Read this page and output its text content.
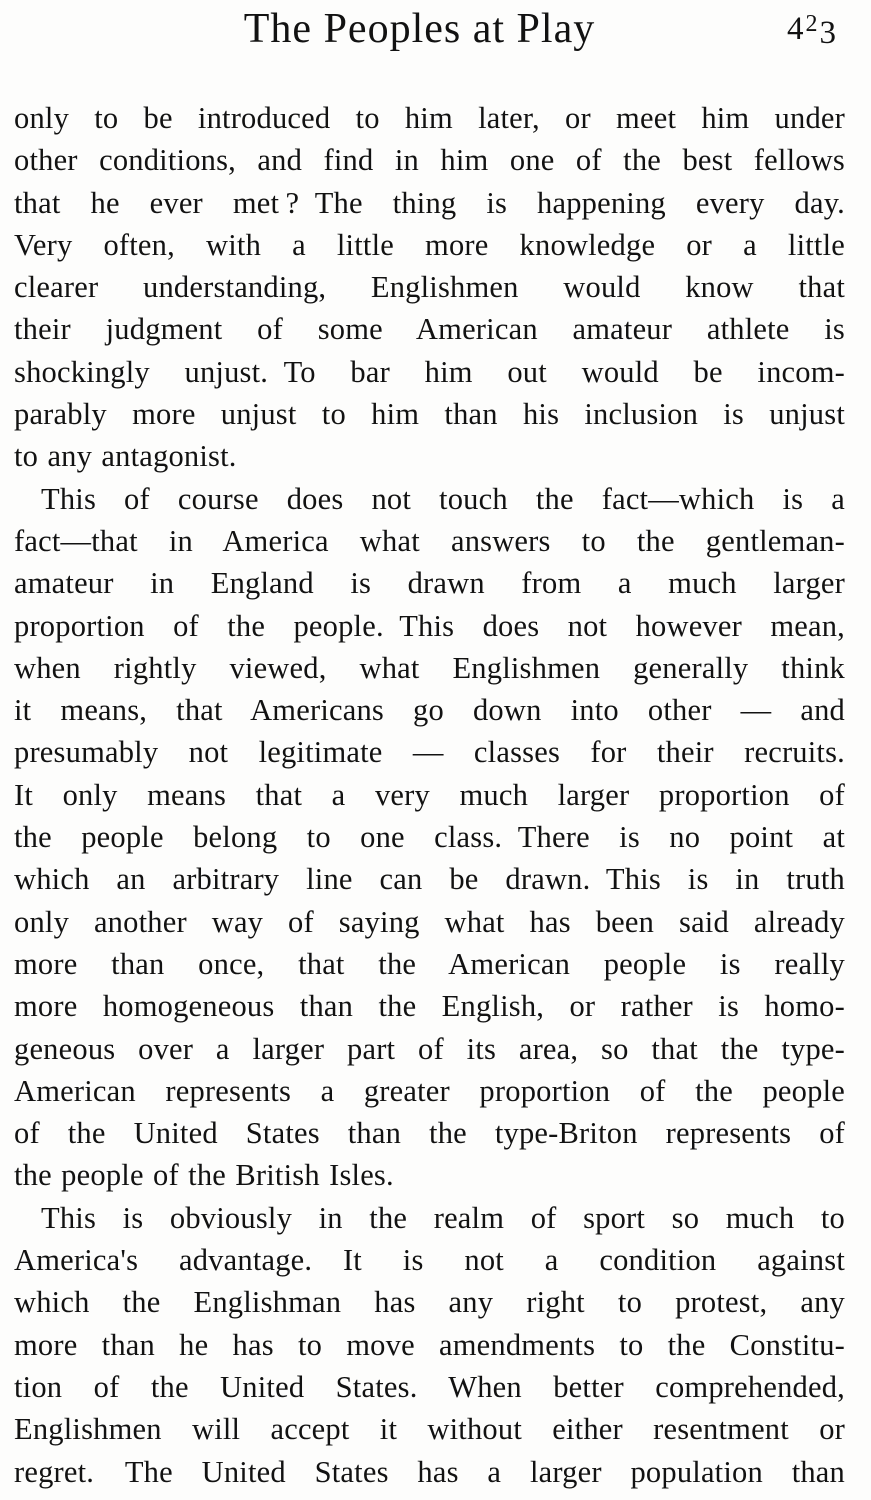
The Peoples at Play	$4^23$
only to be introduced to him later, or meet him under
other conditions, and find in him one of the best fellows
that he ever met ? The thing is happening every day.
Very often, with a little more knowledge or a little
clearer understanding, Englishmen would know that
their judgment of some American amateur athlete is
shockingly unjust. To bar him out would be incom-
parably more unjust to him than his inclusion is unjust
to any antagonist.
This of course does not touch the fact—which is a
fact—that in America what answers to the gentleman-
amateur in England is drawn from a much larger
proportion of the people. This does not however mean,
when rightly viewed, what Englishmen generally think
it means, that Americans go down into other — and
presumably not legitimate — classes for their recruits.
It only means that a very much larger proportion of
the people belong to one class. There is no point at
which an arbitrary line can be drawn. This is in truth
only another way of saying what has been said already
more than once, that the American people is really
more homogeneous than the English, or rather is homo-
geneous over a larger part of its area, so that the type-
American represents a greater proportion of the people
of the United States than the type-Briton represents of
the people of the British Isles.
This is obviously in the realm of sport so much to
America's advantage. It is not a condition against
which the Englishman has any right to protest, any
more than he has to move amendments to the Constitu-
tion of the United States. When better comprehended,
Englishmen will accept it without either resentment or
regret. The United States has a larger population than
